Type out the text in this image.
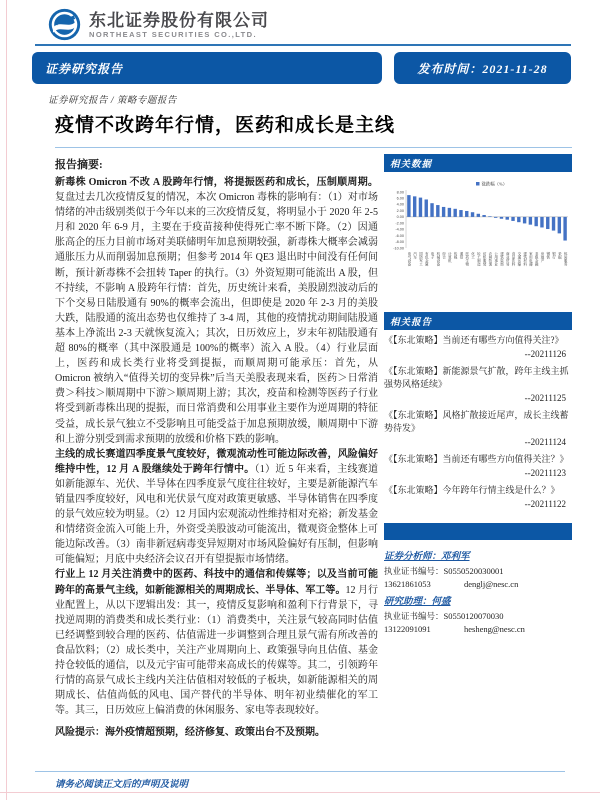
东北证券股份有限公司
NORTHEAST SECURITIES CO.,LTD.
证券研究报告	发布时间：2021-11-28
证券研究报告 / 策略专题报告
疫情不改跨年行情，医药和成长是主线
报告摘要:

新毒株 Omicron 不改 A 股跨年行情，将提振医药和成长，压制顺周期。复盘过去几次疫情反复的情况，本次 Omicron 毒株的影响有：（1）对市场情绪的冲击级别类似于今年以来的三次疫情反复，将明显小于 2020 年 2-5 月和 2020 年 6-9 月，主要在于疫苗接种使得死亡率不断下降。（2）因通胀高企的压力目前市场对美联储明年加息预期较强，新毒株大概率会减弱通胀压力从而削弱加息预期；但参考 2014 年 QE3 退出时中间没有任何间断，预计新毒株不会扭转 Taper 的执行。（3）外资短期可能流出 A 股，但不持续，不影响 A 股跨年行情：首先，历史统计来看，美股剧烈波动后的下个交易日陆股通有 90%的概率会流出，但即使是 2020 年 2-3 月的美股大跌，陆股通的流出态势也仅维持了 3-4 周，其他的疫情扰动期间陆股通基本上净流出 2-3 天就恢复流入；其次，日历效应上，岁末年初陆股通有超 80%的概率（其中深股通是 100%的概率）流入 A 股。（4）行业层面上，医药和成长类行业将受到提振，而顺周期可能承压：首先，从 Omicron 被纳入“值得关切的变异株”后当天美股表现来看，医药＞日常消费＞科技＞顺周期中下游＞顺周期上游；其次，疫苗和检测等医药子行业将受到新毒株出现的提振，而日常消费和公用事业主要作为逆周期的特征受益，成长景气独立不受影响且可能受益于加息预期放缓，顺周期中下游和上游分别受到需求预期的放缓和价格下跌的影响。

主线的成长赛道四季度景气度较好，微观流动性可能边际改善，风险偏好维持中性，12 月 A 股继续处于跨年行情中。（1）近 5 年来看，主线赛道如新能源车、光伏、半导体在四季度景气度往往较好，主要是新能源汽车销量四季度较好，风电和光伏景气度对政策更敏感、半导体销售在四季度的景气效应较为明显。（2）12 月国内宏观流动性维持相对充裕；新发基金和情绪资金流入可能上升，外资受美股波动可能流出，微观资金整体上可能边际改善。（3）南非新冠病毒变异短期对市场风险偏好有压制，但影响可能偏短；月底中央经济会议召开有望提振市场情绪。

行业上 12 月关注消费中的医药、科技中的通信和传媒等；以及当前可能跨年的高景气主线，如新能源相关的周期成长、半导体、军工等。12 月行业配置上，从以下逻辑出发：其一，疫情反复影响和盈利下行背景下，寻找逆周期的消费类和成长类行业：（1）消费类中，关注景气较高同时估值已经调整到较合理的医药、估值需进一步调整到合理且景气需有所改善的食品饮料；（2）成长类中，关注产业周期向上、政策强导向且估值、基金持仓较低的通信，以及元宇宙可能带来高成长的传媒等。其二，引领跨年行情的高景气成长主线内关注估值相对较低的子板块，如新能源相关的周期成长、估值尚低的风电、国产替代的半导体、明年初业绩催化的军工等。其三，日历效应上偏消费的休闲服务、家电等表现较好。

风险提示：海外疫情超预期，经济修复、政策出台不及预期。
相关数据
涨跌幅（%）
8.00
6.00
4.00
2.00
0.00
-2.00
-4.00
-6.00
-8.00
-10.00
电气设备 汽车 国防军工 有色金属 电子 机械设备 综合 计算机 传媒 通信 医药生物 化工 轻工制造 纺织服装 农林牧渔 公用事业 建筑装饰 商业贸易 食品饮料 交通运输 建筑材料 家用电器 非银金融 房地产 钢铁 银行 采掘 休闲服务
相关报告
《【东北策略】当前还有哪些方向值得关注?》
--20211126
《【东北策略】新能源景气扩散，跨年主线主抓强势风格延续》
--20211125
《【东北策略】风格扩散接近尾声，成长主线蓄势待发》
--20211124
《【东北策略】当前还有哪些方向值得关注？》
--20211123
《【东北策略】今年跨年行情主线是什么？》
--20211122
证券分析师：邓利军
执业证书编号：S0550520030001
13621861053	denglj@nesc.cn
研究助理：何盛
执业证书编号：S0550120070030
13122091091	hesheng@nesc.cn
请务必阅读正文后的声明及说明
